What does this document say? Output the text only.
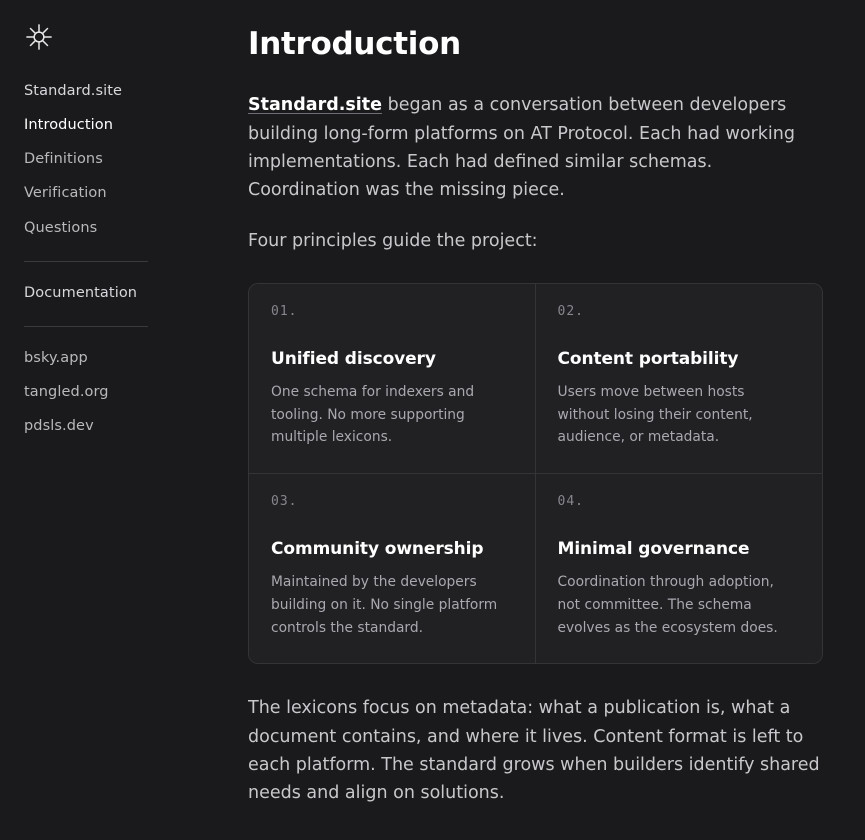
Standard.site
Introduction
Definitions
Verification
Questions
Documentation
bsky.app
tangled.org
pdsls.dev
Introduction

Standard.site began as a conversation between developers building long-form platforms on AT Protocol. Each had working implementations. Each had defined similar schemas. Coordination was the missing piece.

Four principles guide the project:

01.
Unified discovery
One schema for indexers and tooling. No more supporting multiple lexicons.
02.
Content portability
Users move between hosts without losing their content, audience, or metadata.
03.
Community ownership
Maintained by the developers building on it. No single platform controls the standard.
04.
Minimal governance
Coordination through adoption, not committee. The schema evolves as the ecosystem does.

The lexicons focus on metadata: what a publication is, what a document contains, and where it lives. Content format is left to each platform. The standard grows when builders identify shared needs and align on solutions.
